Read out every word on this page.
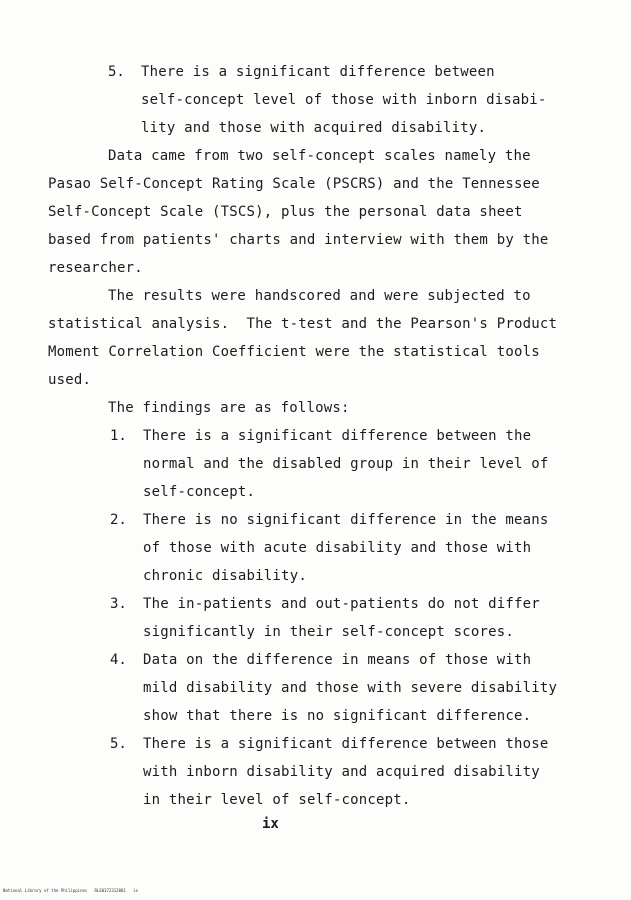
5. There is a significant difference between
self-concept level of those with inborn disabi-
lity and those with acquired disability.
Data came from two self-concept scales namely the
Pasao Self-Concept Rating Scale (PSCRS) and the Tennessee
Self-Concept Scale (TSCS), plus the personal data sheet
based from patients' charts and interview with them by the
researcher.
The results were handscored and were subjected to
statistical analysis.  The t-test and the Pearson's Product
Moment Correlation Coefficient were the statistical tools
used.
The findings are as follows:
1. There is a significant difference between the
normal and the disabled group in their level of
self-concept.
2. There is no significant difference in the means
of those with acute disability and those with
chronic disability.
3. The in-patients and out-patients do not differ
significantly in their self-concept scores.
4. Data on the difference in means of those with
mild disability and those with severe disability
show that there is no significant difference.
5. There is a significant difference between those
with inborn disability and acquired disability
in their level of self-concept.
ix
National Library of the Philippines   RLE0372312001   ix
